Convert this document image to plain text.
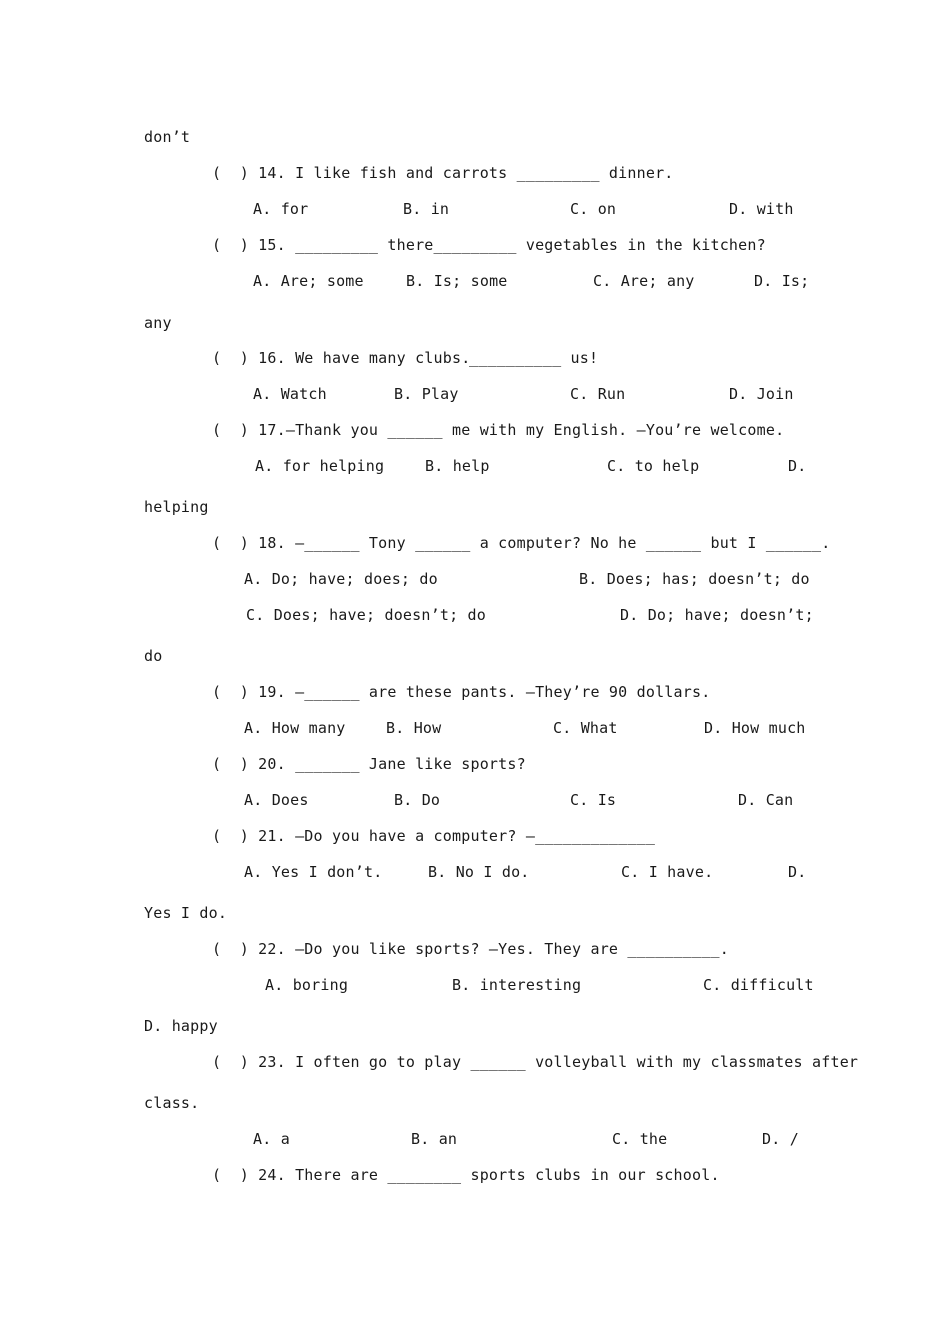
don’t
(  ) 14. I like fish and carrots _________ dinner.
A. for	B. in	C. on	D. with
(  ) 15. _________ there_________ vegetables in the kitchen?
A. Are; some	B. Is; some	C. Are; any	D. Is;
any
(  ) 16. We have many clubs.
__________ us!
A. Watch	B. Play	C. Run	D. Join
(  ) 17.—Thank you ______ me with my English. —You’re welcome.
A. for helping	B. help	C. to help	D.
helping
(  ) 18. —______ Tony ______ a computer? No he ______ but I ______.
A. Do; have; does; do	B. Does; has; doesn’t; do
C. Does; have; doesn’t; do	D. Do; have; doesn’t;
do
(  ) 19. —______ are these pants. —They’re 90 dollars.
A. How many	B. How	C. What	D. How much
(  ) 20. _______ Jane like sports?
A. Does	B. Do	C. Is	D. Can
(  ) 21. —Do you have a computer? —_____________
A. Yes I don’t.	B. No I do.	C. I have.	D.
Yes I do.
(  ) 22. —Do you like sports? —Yes. They are __________.
A. boring	B. interesting	C. difficult
D. happy
(  ) 23. I often go to play ______ volleyball with my classmates after
class.
A. a	B. an	C. the	D. /
(  ) 24. There are ________ sports clubs in our school.
